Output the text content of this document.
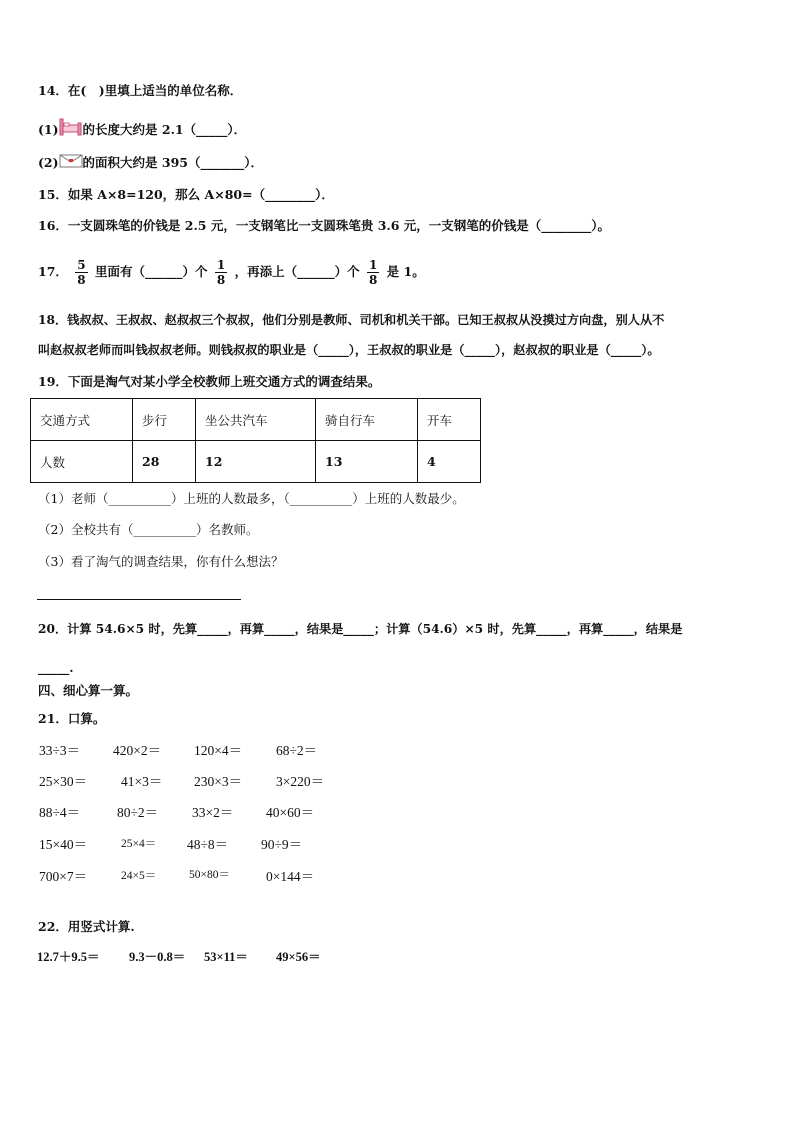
14．在(　)里填上适当的单位名称．
(1) 的长度大约是 2.1（_____）．
(2) 的面积大约是 395（_______）．
15．如果 A×8=120，那么 A×80=（________）．
16．一支圆珠笔的价钱是 2.5 元，一支钢笔比一支圆珠笔贵 3.6 元，一支钢笔的价钱是（________）。
17． $\frac{5}{8}$ 里面有（______）个 $\frac{1}{8}$ ，再添上（______）个 $\frac{1}{8}$ 是 1。
18．钱叔叔、王叔叔、赵叔叔三个叔叔，他们分别是教师、司机和机关干部。已知王叔叔从没摸过方向盘，别人从不
叫赵叔叔老师而叫钱叔叔老师。则钱叔叔的职业是（_____），王叔叔的职业是（_____），赵叔叔的职业是（_____）。
19．下面是淘气对某小学全校教师上班交通方式的调查结果。
交通方式	步行	坐公共汽车	骑自行车	开车
人数	28	12	13	4
（1）老师（__________）上班的人数最多，（__________）上班的人数最少。
（2）全校共有（__________）名教师。
（3）看了淘气的调查结果，你有什么想法？
20．计算 54.6×5 时，先算_____，再算_____，结果是_____；计算（54.6）×5 时，先算_____，再算_____，结果是
_____.
四、细心算一算。
21．口算。
33÷3＝ 420×2＝ 120×4＝	68÷2＝
25×30＝	41×3＝ 230×3＝	3×220＝
88÷4＝	80÷2＝	33×2＝ 40×60＝
15×40＝	25×4＝ 48÷8＝ 90÷9＝
700×7＝	24×5＝	50×80＝	0×144＝
22．用竖式计算.
12.7＋9.5＝ 9.3－0.8＝ 53×11＝ 49×56＝
